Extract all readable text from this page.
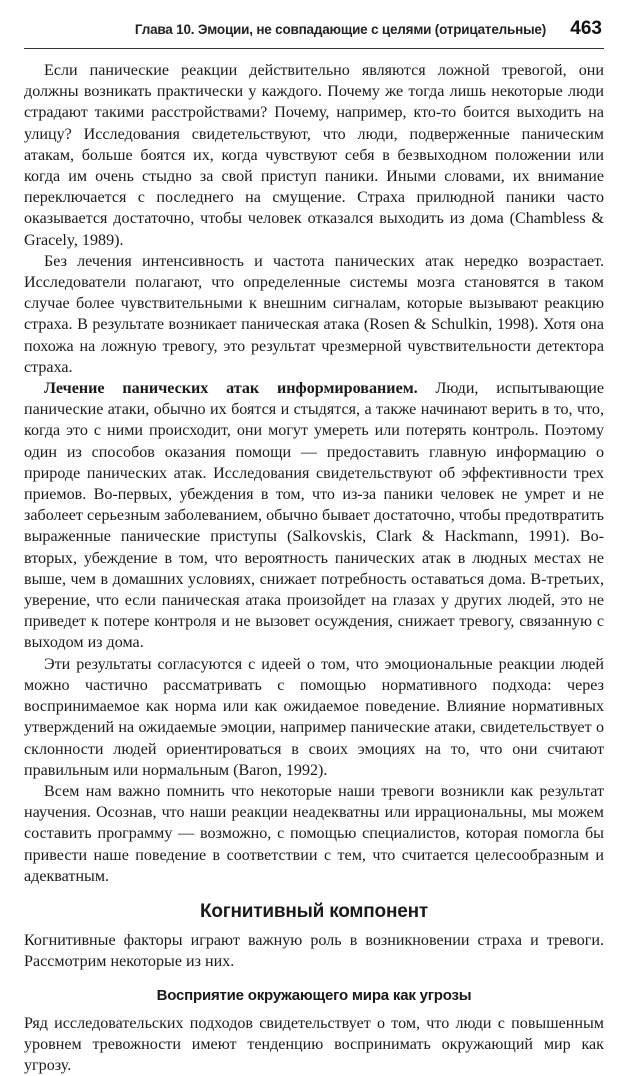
Глава 10. Эмоции, не совпадающие с целями (отрицательные) 463

Если панические реакции действительно являются ложной тревогой, они должны возникать практически у каждого. Почему же тогда лишь некоторые люди страдают такими расстройствами? Почему, например, кто-то боится выходить на улицу? Исследования свидетельствуют, что люди, подверженные паническим атакам, больше боятся их, когда чувствуют себя в безвыходном положении или когда им очень стыдно за свой приступ паники. Иными словами, их внимание переключается с последнего на смущение. Страха прилюдной паники часто оказывается достаточно, чтобы человек отказался выходить из дома (Chambless & Gracely, 1989).

Без лечения интенсивность и частота панических атак нередко возрастает. Исследователи полагают, что определенные системы мозга становятся в таком случае более чувствительными к внешним сигналам, которые вызывают реакцию страха. В результате возникает паническая атака (Rosen & Schulkin, 1998). Хотя она похожа на ложную тревогу, это результат чрезмерной чувствительности детектора страха.

Лечение панических атак информированием. Люди, испытывающие панические атаки, обычно их боятся и стыдятся, а также начинают верить в то, что, когда это с ними происходит, они могут умереть или потерять контроль. Поэтому один из способов оказания помощи — предоставить главную информацию о природе панических атак. Исследования свидетельствуют об эффективности трех приемов. Во-первых, убеждения в том, что из-за паники человек не умрет и не заболеет серьезным заболеванием, обычно бывает достаточно, чтобы предотвратить выраженные панические приступы (Salkovskis, Clark & Hackmann, 1991). Во-вторых, убеждение в том, что вероятность панических атак в людных местах не выше, чем в домашних условиях, снижает потребность оставаться дома. В-третьих, уверение, что если паническая атака произойдет на глазах у других людей, это не приведет к потере контроля и не вызовет осуждения, снижает тревогу, связанную с выходом из дома.

Эти результаты согласуются с идеей о том, что эмоциональные реакции людей можно частично рассматривать с помощью нормативного подхода: через воспринимаемое как норма или как ожидаемое поведение. Влияние нормативных утверждений на ожидаемые эмоции, например панические атаки, свидетельствует о склонности людей ориентироваться в своих эмоциях на то, что они считают правильным или нормальным (Baron, 1992).

Всем нам важно помнить что некоторые наши тревоги возникли как результат научения. Осознав, что наши реакции неадекватны или иррациональны, мы можем составить программу — возможно, с помощью специалистов, которая помогла бы привести наше поведение в соответствии с тем, что считается целесообразным и адекватным.

Когнитивный компонент

Когнитивные факторы играют важную роль в возникновении страха и тревоги. Рассмотрим некоторые из них.

Восприятие окружающего мира как угрозы

Ряд исследовательских подходов свидетельствует о том, что люди с повышенным уровнем тревожности имеют тенденцию воспринимать окружающий мир как угрозу.
